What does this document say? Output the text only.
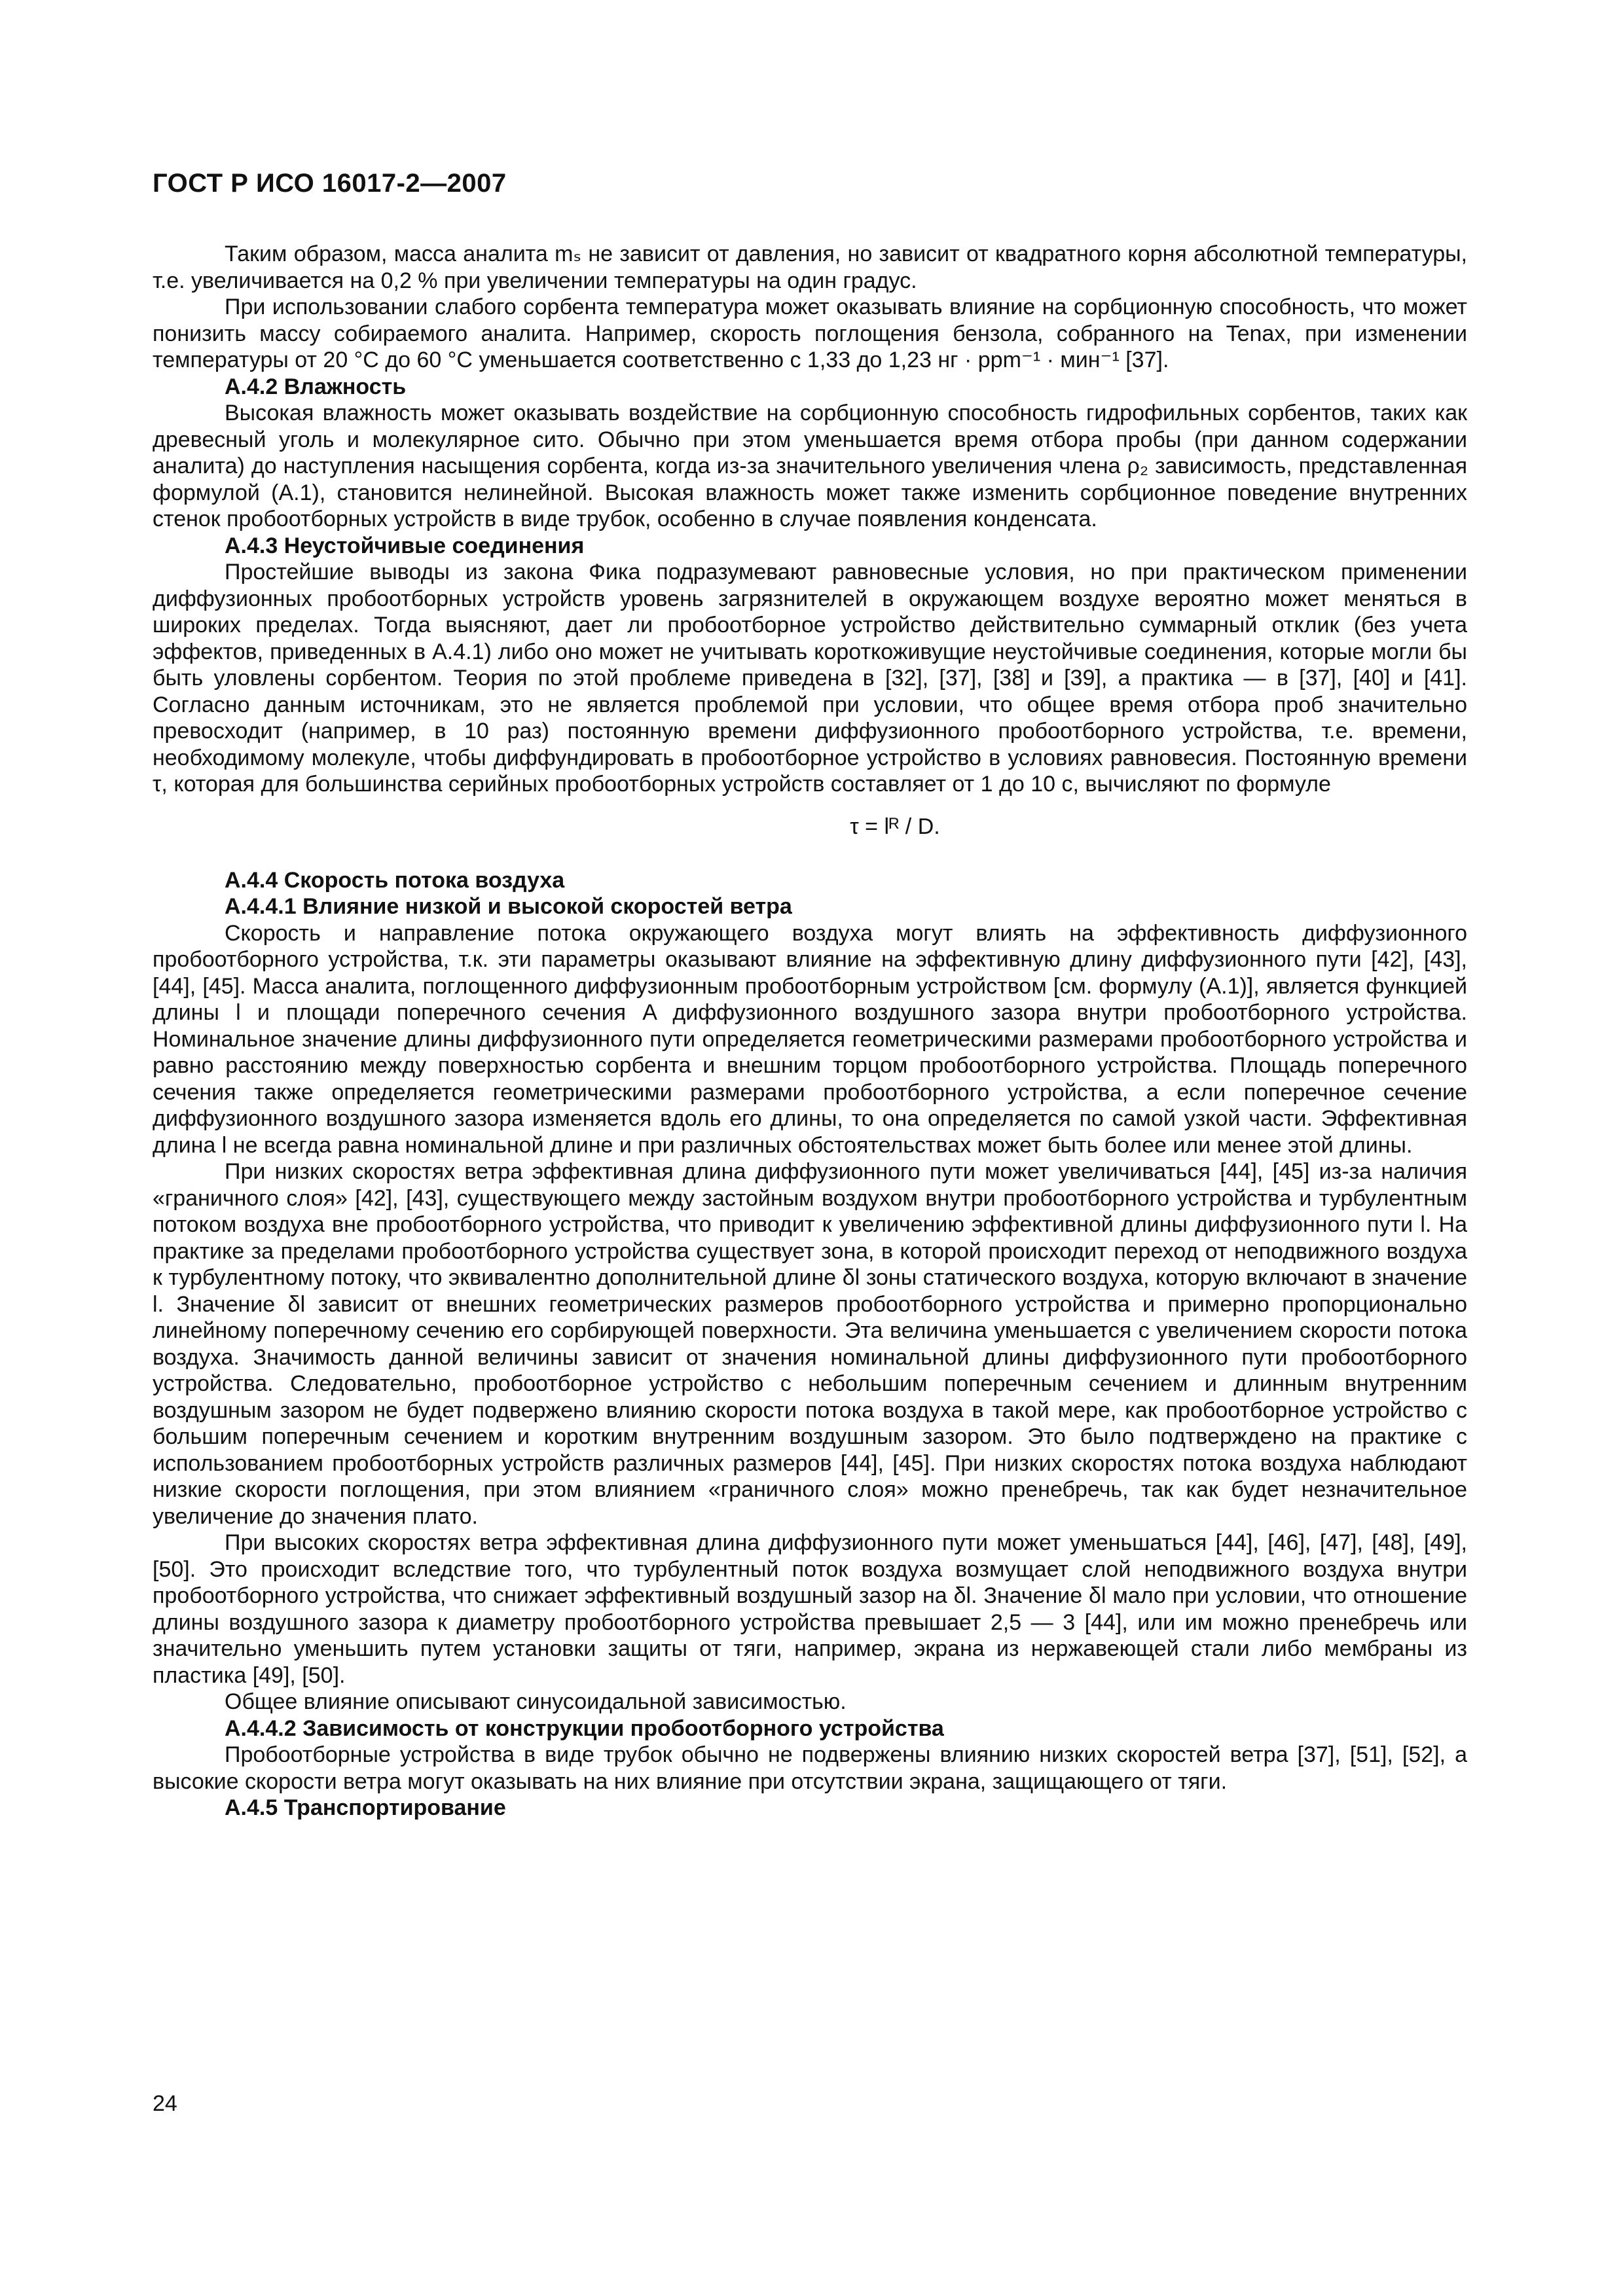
ГОСТ Р ИСО 16017-2—2007

Таким образом, масса аналита mₛ не зависит от давления, но зависит от квадратного корня абсолютной температуры, т.е. увеличивается на 0,2 % при увеличении температуры на один градус.

При использовании слабого сорбента температура может оказывать влияние на сорбционную способность, что может понизить массу собираемого аналита. Например, скорость поглощения бензола, собранного на Tenax, при изменении температуры от 20 °С до 60 °С уменьшается соответственно с 1,33 до 1,23 нг · ppm⁻¹ · мин⁻¹ [37].

А.4.2 Влажность

Высокая влажность может оказывать воздействие на сорбционную способность гидрофильных сорбентов, таких как древесный уголь и молекулярное сито. Обычно при этом уменьшается время отбора пробы (при данном содержании аналита) до наступления насыщения сорбента, когда из-за значительного увеличения члена ρ₂ зависимость, представленная формулой (А.1), становится нелинейной. Высокая влажность может также изменить сорбционное поведение внутренних стенок пробоотборных устройств в виде трубок, особенно в случае появления конденсата.

А.4.3 Неустойчивые соединения

Простейшие выводы из закона Фика подразумевают равновесные условия, но при практическом применении диффузионных пробоотборных устройств уровень загрязнителей в окружающем воздухе вероятно может меняться в широких пределах. Тогда выясняют, дает ли пробоотборное устройство действительно суммарный отклик (без учета эффектов, приведенных в А.4.1) либо оно может не учитывать короткоживущие неустойчивые соединения, которые могли бы быть уловлены сорбентом. Теория по этой проблеме приведена в [32], [37], [38] и [39], а практика — в [37], [40] и [41]. Согласно данным источникам, это не является проблемой при условии, что общее время отбора проб значительно превосходит (например, в 10 раз) постоянную времени диффузионного пробоотборного устройства, т.е. времени, необходимому молекуле, чтобы диффундировать в пробоотборное устройство в условиях равновесия. Постоянную времени τ, которая для большинства серийных пробоотборных устройств составляет от 1 до 10 с, вычисляют по формуле

τ = lᴿ / D.
А.4.4 Скорость потока воздуха
А.4.4.1 Влияние низкой и высокой скоростей ветра

Скорость и направление потока окружающего воздуха могут влиять на эффективность диффузионного пробоотборного устройства, т.к. эти параметры оказывают влияние на эффективную длину диффузионного пути [42], [43], [44], [45]. Масса аналита, поглощенного диффузионным пробоотборным устройством [см. формулу (А.1)], является функцией длины l и площади поперечного сечения A диффузионного воздушного зазора внутри пробоотборного устройства. Номинальное значение длины диффузионного пути определяется геометрическими размерами пробоотборного устройства и равно расстоянию между поверхностью сорбента и внешним торцом пробоотборного устройства. Площадь поперечного сечения также определяется геометрическими размерами пробоотборного устройства, а если поперечное сечение диффузионного воздушного зазора изменяется вдоль его длины, то она определяется по самой узкой части. Эффективная длина l не всегда равна номинальной длине и при различных обстоятельствах может быть более или менее этой длины.

При низких скоростях ветра эффективная длина диффузионного пути может увеличиваться [44], [45] из-за наличия «граничного слоя» [42], [43], существующего между застойным воздухом внутри пробоотборного устройства и турбулентным потоком воздуха вне пробоотборного устройства, что приводит к увеличению эффективной длины диффузионного пути l. На практике за пределами пробоотборного устройства существует зона, в которой происходит переход от неподвижного воздуха к турбулентному потоку, что эквивалентно дополнительной длине δl зоны статического воздуха, которую включают в значение l. Значение δl зависит от внешних геометрических размеров пробоотборного устройства и примерно пропорционально линейному поперечному сечению его сорбирующей поверхности. Эта величина уменьшается с увеличением скорости потока воздуха. Значимость данной величины зависит от значения номинальной длины диффузионного пути пробоотборного устройства. Следовательно, пробоотборное устройство с небольшим поперечным сечением и длинным внутренним воздушным зазором не будет подвержено влиянию скорости потока воздуха в такой мере, как пробоотборное устройство с большим поперечным сечением и коротким внутренним воздушным зазором. Это было подтверждено на практике с использованием пробоотборных устройств различных размеров [44], [45]. При низких скоростях потока воздуха наблюдают низкие скорости поглощения, при этом влиянием «граничного слоя» можно пренебречь, так как будет незначительное увеличение до значения плато.

При высоких скоростях ветра эффективная длина диффузионного пути может уменьшаться [44], [46], [47], [48], [49], [50]. Это происходит вследствие того, что турбулентный поток воздуха возмущает слой неподвижного воздуха внутри пробоотборного устройства, что снижает эффективный воздушный зазор на δl. Значение δl мало при условии, что отношение длины воздушного зазора к диаметру пробоотборного устройства превышает 2,5 — 3 [44], или им можно пренебречь или значительно уменьшить путем установки защиты от тяги, например, экрана из нержавеющей стали либо мембраны из пластика [49], [50].

Общее влияние описывают синусоидальной зависимостью.

А.4.4.2 Зависимость от конструкции пробоотборного устройства

Пробоотборные устройства в виде трубок обычно не подвержены влиянию низких скоростей ветра [37], [51], [52], а высокие скорости ветра могут оказывать на них влияние при отсутствии экрана, защищающего от тяги.

А.4.5 Транспортирование
24
